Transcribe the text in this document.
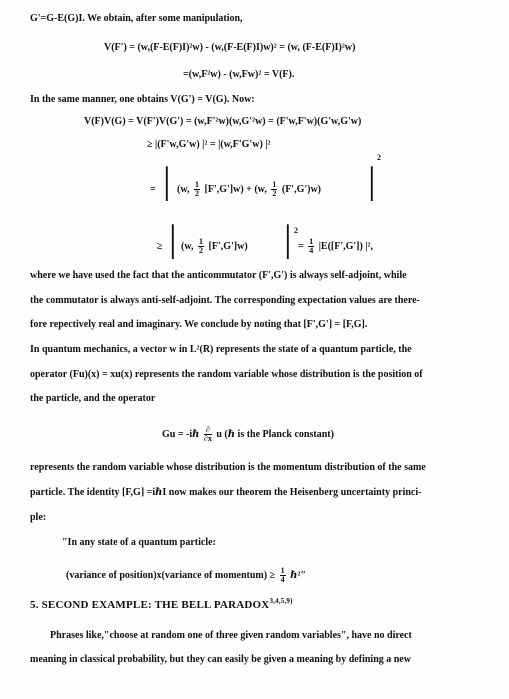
G'=G-E(G)I. We obtain, after some manipulation,
V(F') = (w,(F-E(F)I)²w) - (w,(F-E(F)I)w)² = (w, (F-E(F)I)²w)
=(w,F²w) - (w,Fw)² = V(F).
In the same manner, one obtains V(G') = V(G). Now:
V(F)V(G) = V(F')V(G') = (w,F'²w)(w,G'²w) = (F'w,F'w)(G'w,G'w)
≥ |(F'w,G'w) |² = |(w,F'G'w) |²
= | (w, $\frac{1}{2} [F',G']w) + (w$, $\frac{1}{2} (F',G')w$) |
2
≥ | (w, $\frac{1}{2} [F',G']w$) | 2
= $\frac{1}{4} |E([F',G'])$ |²,
where we have used the fact that the anticommutator (F',G') is always self-adjoint, while
the commutator is always anti-self-adjoint. The corresponding expectation values are there-
fore repectively real and imaginary. We conclude by noting that [F',G'] = [F,G].
In quantum mechanics, a vector w in L²(R) represents the state of a quantum particle, the
operator (Fu)(x) = xu(x) represents the random variable whose distribution is the position of
the particle, and the operator
Gu = -iℏ $\frac{\partial}{\partial x}$ u (ℏ is the Planck constant)
represents the random variable whose distribution is the momentum distribution of the same
particle. The identity [F,G] =iℏI now makes our theorem the Heisenberg uncertainty princi-
ple:
"In any state of a quantum particle:
(variance of position)x(variance of momentum) ≥ $\frac{1}{4}$ ℏ²"
5. SECOND EXAMPLE: THE BELL PARADOX$^{3,4,5,9)}$
Phrases like,"choose at random one of three given random variables", have no direct
meaning in classical probability, but they can easily be given a meaning by defining a new
